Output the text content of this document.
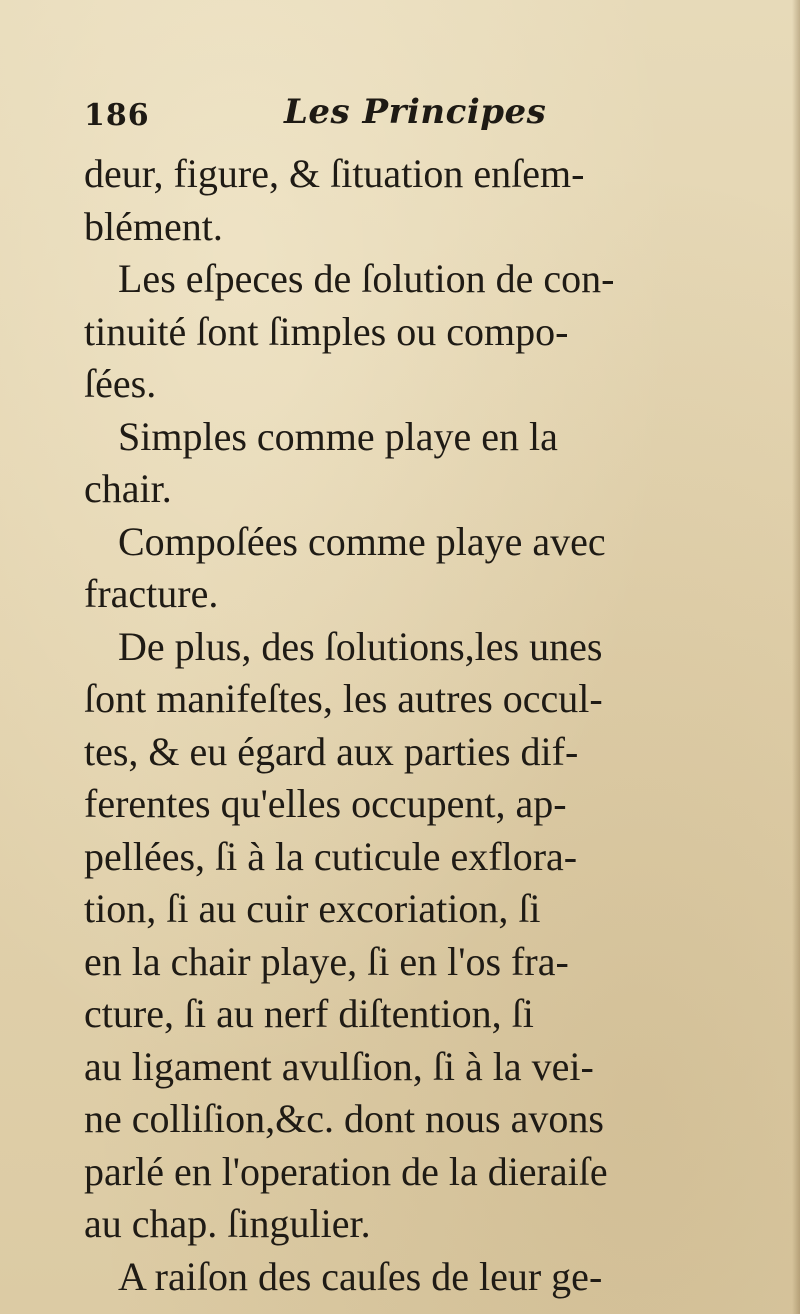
186	Les Principes
deur, figure, & ſituation enſem-
blément.
Les eſpeces de ſolution de con-
tinuité ſont ſimples ou compo-
ſées.
Simples comme playe en la
chair.
Compoſées comme playe avec
fracture.
De plus, des ſolutions,les unes
ſont manifeſtes, les autres occul-
tes, & eu égard aux parties dif-
ferentes qu'elles occupent, ap-
pellées, ſi à la cuticule exflora-
tion, ſi au cuir excoriation, ſi
en la chair playe, ſi en l'os fra-
cture, ſi au nerf diſtention, ſi
au ligament avulſion, ſi à la vei-
ne colliſion,&c. dont nous avons
parlé en l'operation de la dieraiſe
au chap. ſingulier.
A raiſon des cauſes de leur ge-
